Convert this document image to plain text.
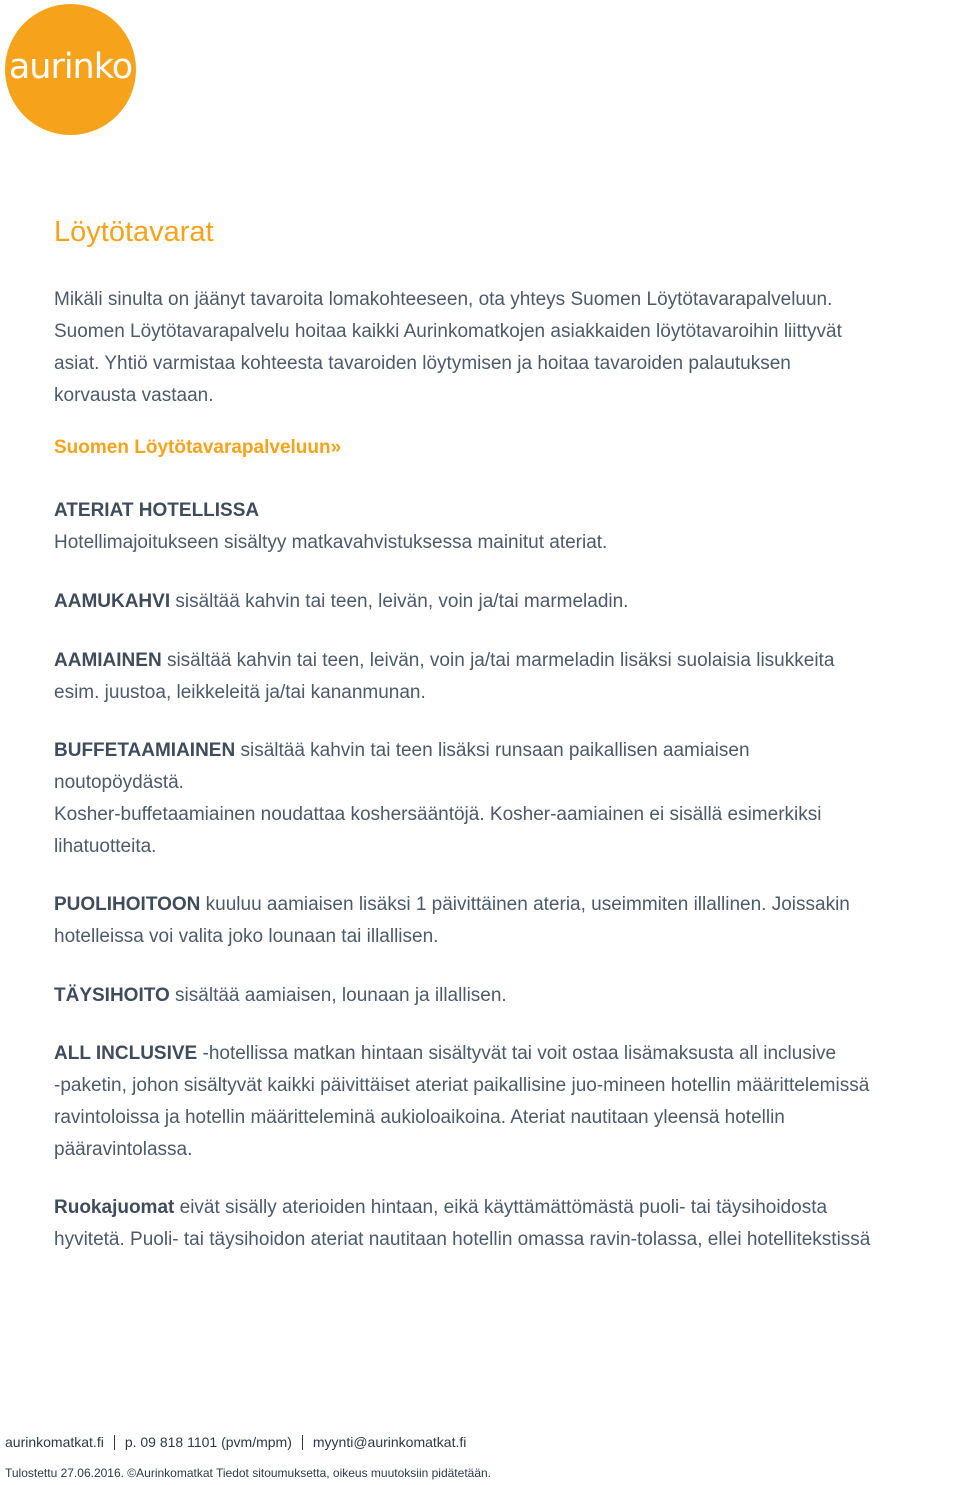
aurinko
Löytötavarat

Mikäli sinulta on jäänyt tavaroita lomakohteeseen, ota yhteys Suomen Löytötavarapalveluun.
Suomen Löytötavarapalvelu hoitaa kaikki Aurinkomatkojen asiakkaiden löytötavaroihin liittyvät
asiat. Yhtiö varmistaa kohteesta tavaroiden löytymisen ja hoitaa tavaroiden palautuksen
korvausta vastaan.

Suomen Löytötavarapalveluun»

ATERIAT HOTELLISSA
Hotellimajoitukseen sisältyy matkavahvistuksessa mainitut ateriat.

AAMUKAHVI sisältää kahvin tai teen, leivän, voin ja/tai marmeladin.

AAMIAINEN sisältää kahvin tai teen, leivän, voin ja/tai marmeladin lisäksi suolaisia lisukkeita
esim. juustoa, leikkeleitä ja/tai kananmunan.

BUFFETAAMIAINEN sisältää kahvin tai teen lisäksi runsaan paikallisen aamiaisen
noutopöydästä.
Kosher-buffetaamiainen noudattaa koshersääntöjä. Kosher-aamiainen ei sisällä esimerkiksi
lihatuotteita.

PUOLIHOITOON kuuluu aamiaisen lisäksi 1 päivittäinen ateria, useimmiten illallinen. Joissakin
hotelleissa voi valita joko lounaan tai illallisen.

TÄYSIHOITO sisältää aamiaisen, lounaan ja illallisen.

ALL INCLUSIVE -hotellissa matkan hintaan sisältyvät tai voit ostaa lisämaksusta all inclusive
-paketin, johon sisältyvät kaikki päivittäiset ateriat paikallisine juo-mineen hotellin määrittelemissä
ravintoloissa ja hotellin määritteleminä aukioloaikoina. Ateriat nautitaan yleensä hotellin
pääravintolassa.

Ruokajuomat eivät sisälly aterioiden hintaan, eikä käyttämättömästä puoli- tai täysihoidosta
hyvitetä. Puoli- tai täysihoidon ateriat nautitaan hotellin omassa ravin-tolassa, ellei hotellitekstissä

aurinkomatkat.fi p. 09 818 1101 (pvm/mpm) myynti@aurinkomatkat.fi
Tulostettu 27.06.2016. ©Aurinkomatkat Tiedot sitoumuksetta, oikeus muutoksiin pidätetään.
